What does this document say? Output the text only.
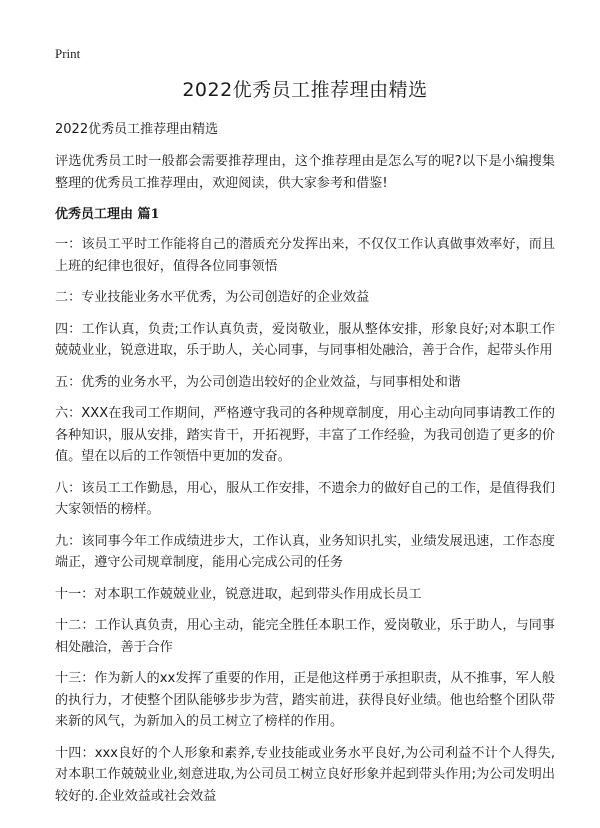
Print
2022优秀员工推荐理由精选

2022优秀员工推荐理由精选

评选优秀员工时一般都会需要推荐理由，这个推荐理由是怎么写的呢?以下是小编搜集整理的优秀员工推荐理由，欢迎阅读，供大家参考和借鉴!

优秀员工理由 篇1

一：该员工平时工作能将自己的潜质充分发挥出来，不仅仅工作认真做事效率好，而且上班的纪律也很好，值得各位同事领悟

二：专业技能业务水平优秀，为公司创造好的企业效益

四：工作认真，负责;工作认真负责，爱岗敬业，服从整体安排，形象良好;对本职工作兢兢业业，锐意进取，乐于助人，关心同事，与同事相处融洽，善于合作，起带头作用

五：优秀的业务水平，为公司创造出较好的企业效益，与同事相处和谐

六：XXX在我司工作期间，严格遵守我司的各种规章制度，用心主动向同事请教工作的各种知识，服从安排，踏实肯干，开拓视野，丰富了工作经验，为我司创造了更多的价值。望在以后的工作领悟中更加的发奋。

八：该员工工作勤恳，用心，服从工作安排，不遗余力的做好自己的工作，是值得我们大家领悟的榜样。

九：该同事今年工作成绩进步大，工作认真，业务知识扎实，业绩发展迅速，工作态度端正，遵守公司规章制度，能用心完成公司的任务

十一：对本职工作兢兢业业，锐意进取，起到带头作用成长员工

十二：工作认真负责，用心主动，能完全胜任本职工作，爱岗敬业，乐于助人，与同事相处融洽，善于合作

十三：作为新人的xx发挥了重要的作用，正是他这样勇于承担职责，从不推事，军人般的执行力，才使整个团队能够步步为营，踏实前进，获得良好业绩。他也给整个团队带来新的风气，为新加入的员工树立了榜样的作用。

十四：xxx良好的个人形象和素养,专业技能或业务水平良好,为公司利益不计个人得失,对本职工作兢兢业业,刻意进取,为公司员工树立良好形象并起到带头作用;为公司发明出较好的.企业效益或社会效益
